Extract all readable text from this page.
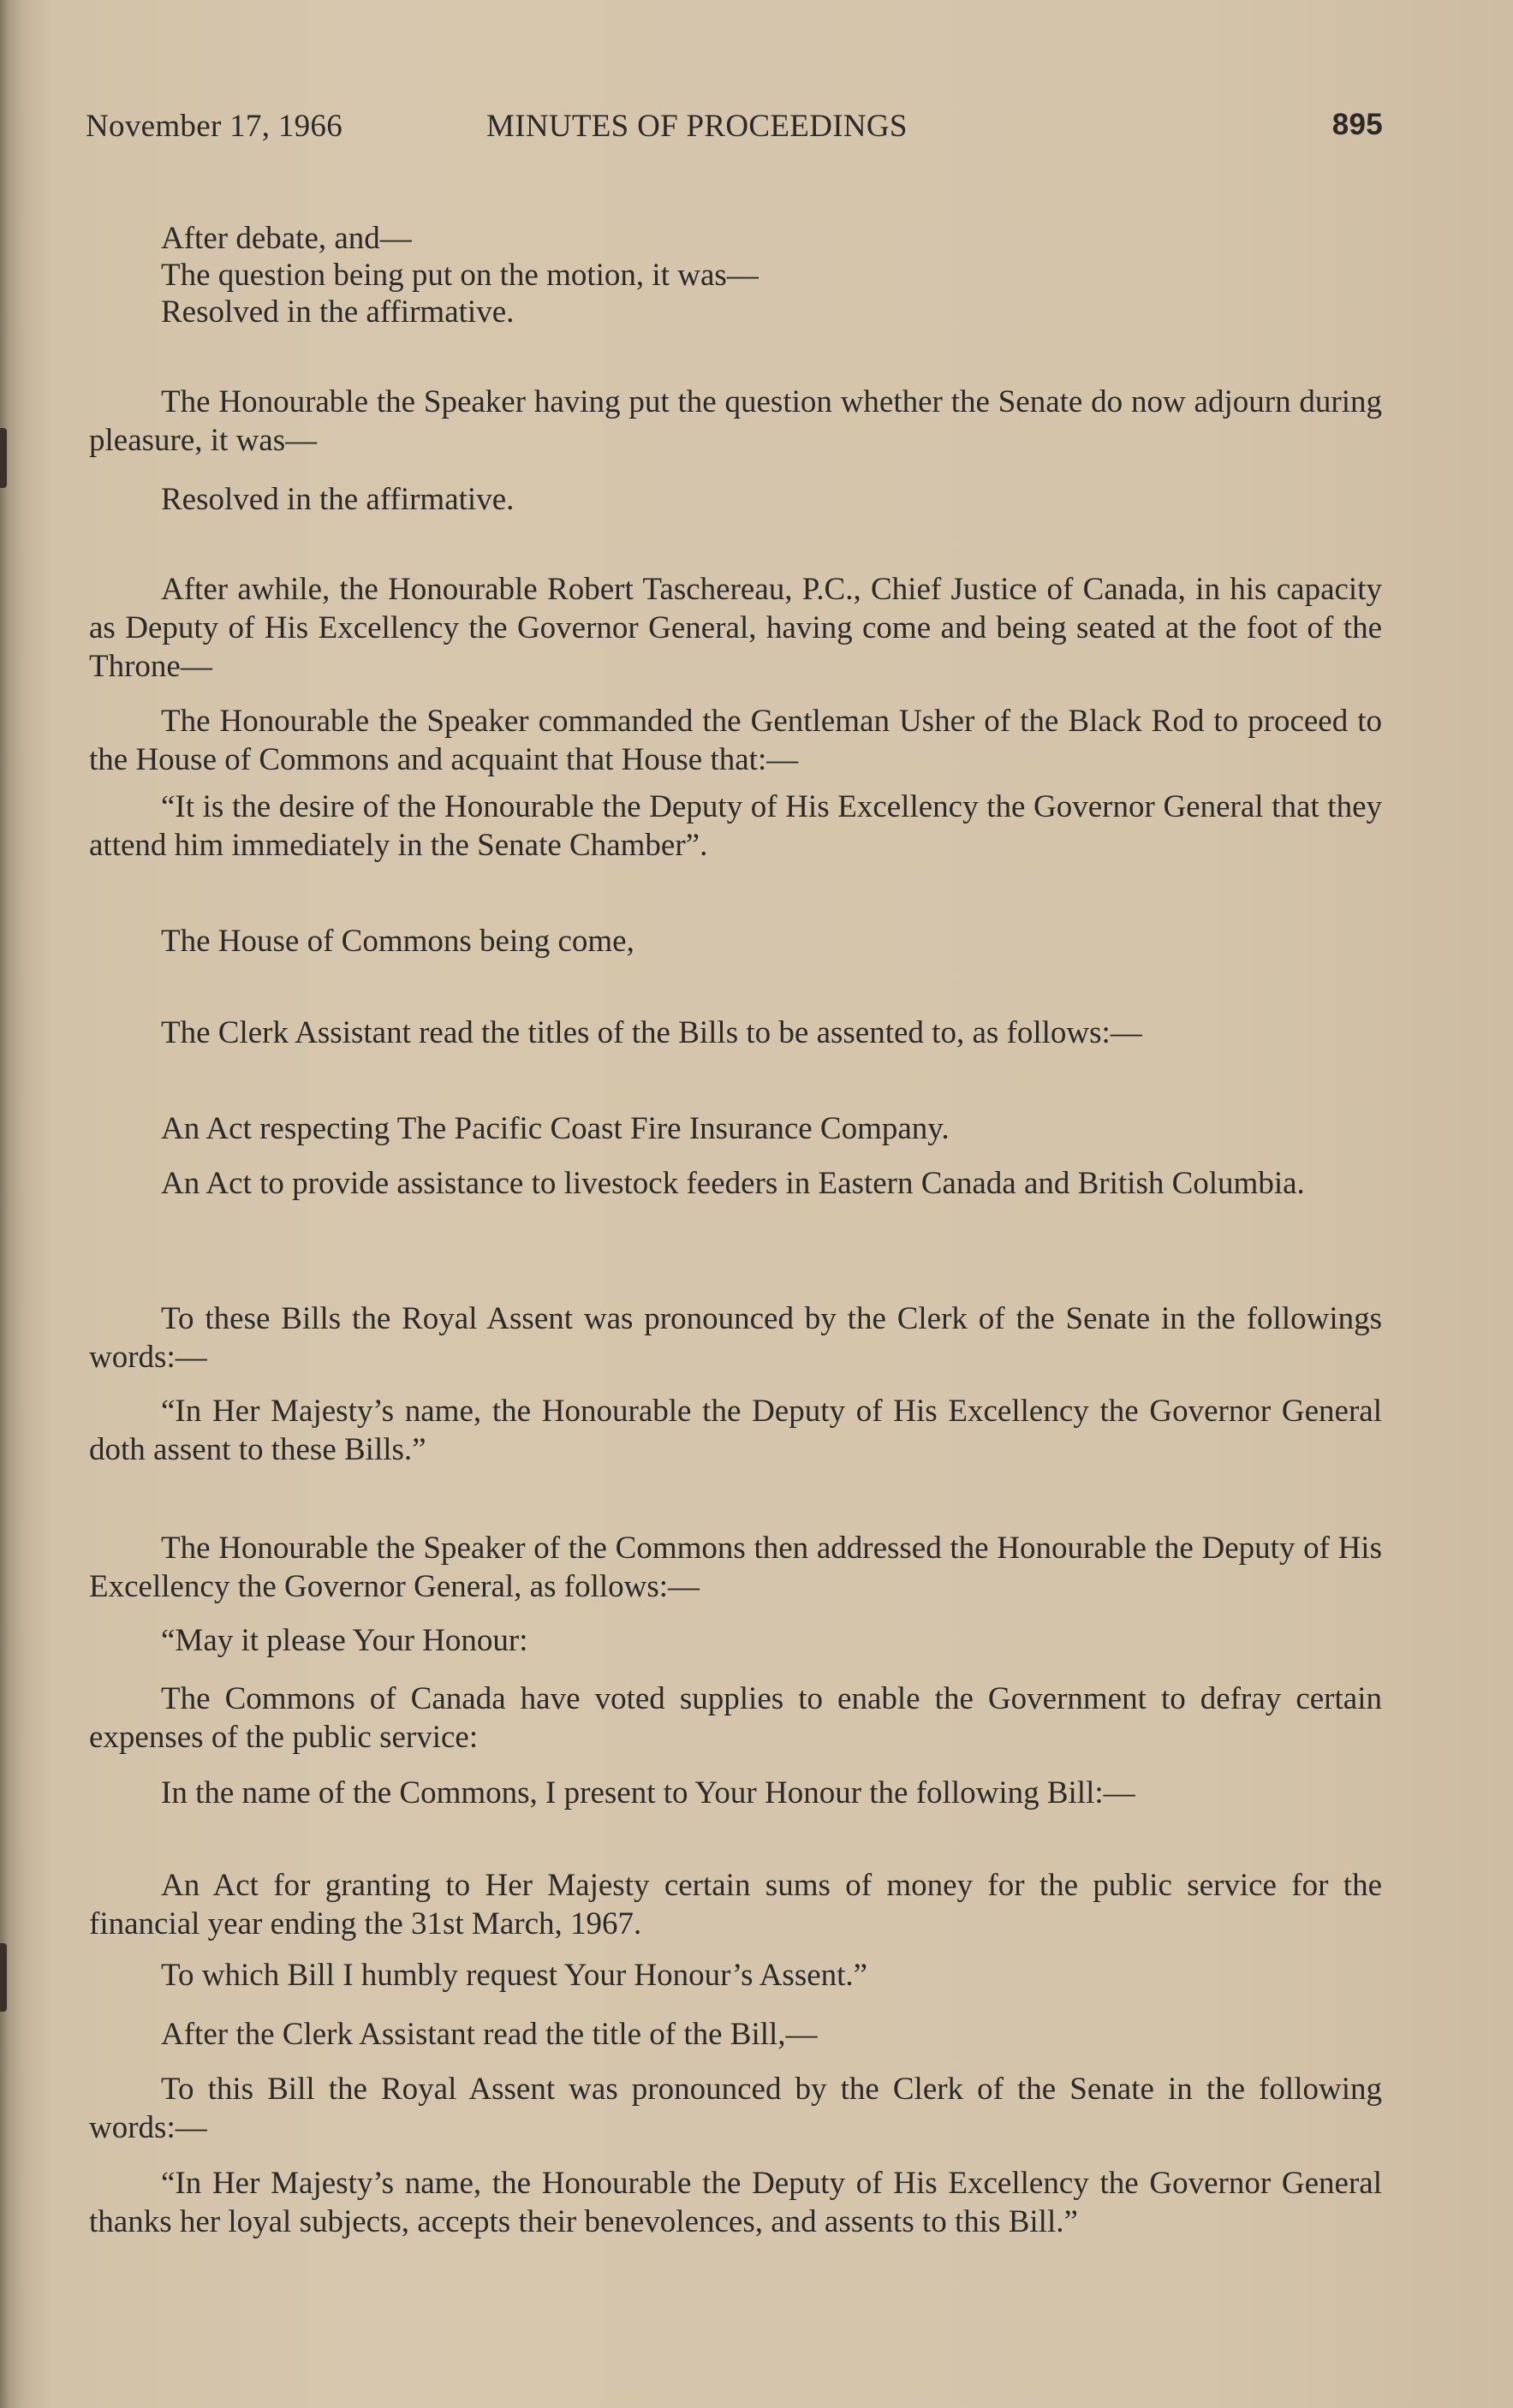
November 17, 1966	MINUTES OF PROCEEDINGS	895

After debate, and—

The question being put on the motion, it was—

Resolved in the affirmative.

The Honourable the Speaker having put the question whether the Senate do now adjourn during pleasure, it was—

Resolved in the affirmative.

After awhile, the Honourable Robert Taschereau, P.C., Chief Justice of Canada, in his capacity as Deputy of His Excellency the Governor General, having come and being seated at the foot of the Throne—

The Honourable the Speaker commanded the Gentleman Usher of the Black Rod to proceed to the House of Commons and acquaint that House that:—

“It is the desire of the Honourable the Deputy of His Excellency the Governor General that they attend him immediately in the Senate Chamber”.

The House of Commons being come,

The Clerk Assistant read the titles of the Bills to be assented to, as follows:—

An Act respecting The Pacific Coast Fire Insurance Company.

An Act to provide assistance to livestock feeders in Eastern Canada and British Columbia.

To these Bills the Royal Assent was pronounced by the Clerk of the Senate in the followings words:—

“In Her Majesty’s name, the Honourable the Deputy of His Excellency the Governor General doth assent to these Bills.”

The Honourable the Speaker of the Commons then addressed the Honourable the Deputy of His Excellency the Governor General, as follows:—

“May it please Your Honour:

The Commons of Canada have voted supplies to enable the Government to defray certain expenses of the public service:

In the name of the Commons, I present to Your Honour the following Bill:—

An Act for granting to Her Majesty certain sums of money for the public service for the financial year ending the 31st March, 1967.

To which Bill I humbly request Your Honour’s Assent.”

After the Clerk Assistant read the title of the Bill,—

To this Bill the Royal Assent was pronounced by the Clerk of the Senate in the following words:—

“In Her Majesty’s name, the Honourable the Deputy of His Excellency the Governor General thanks her loyal subjects, accepts their benevolences, and assents to this Bill.”
